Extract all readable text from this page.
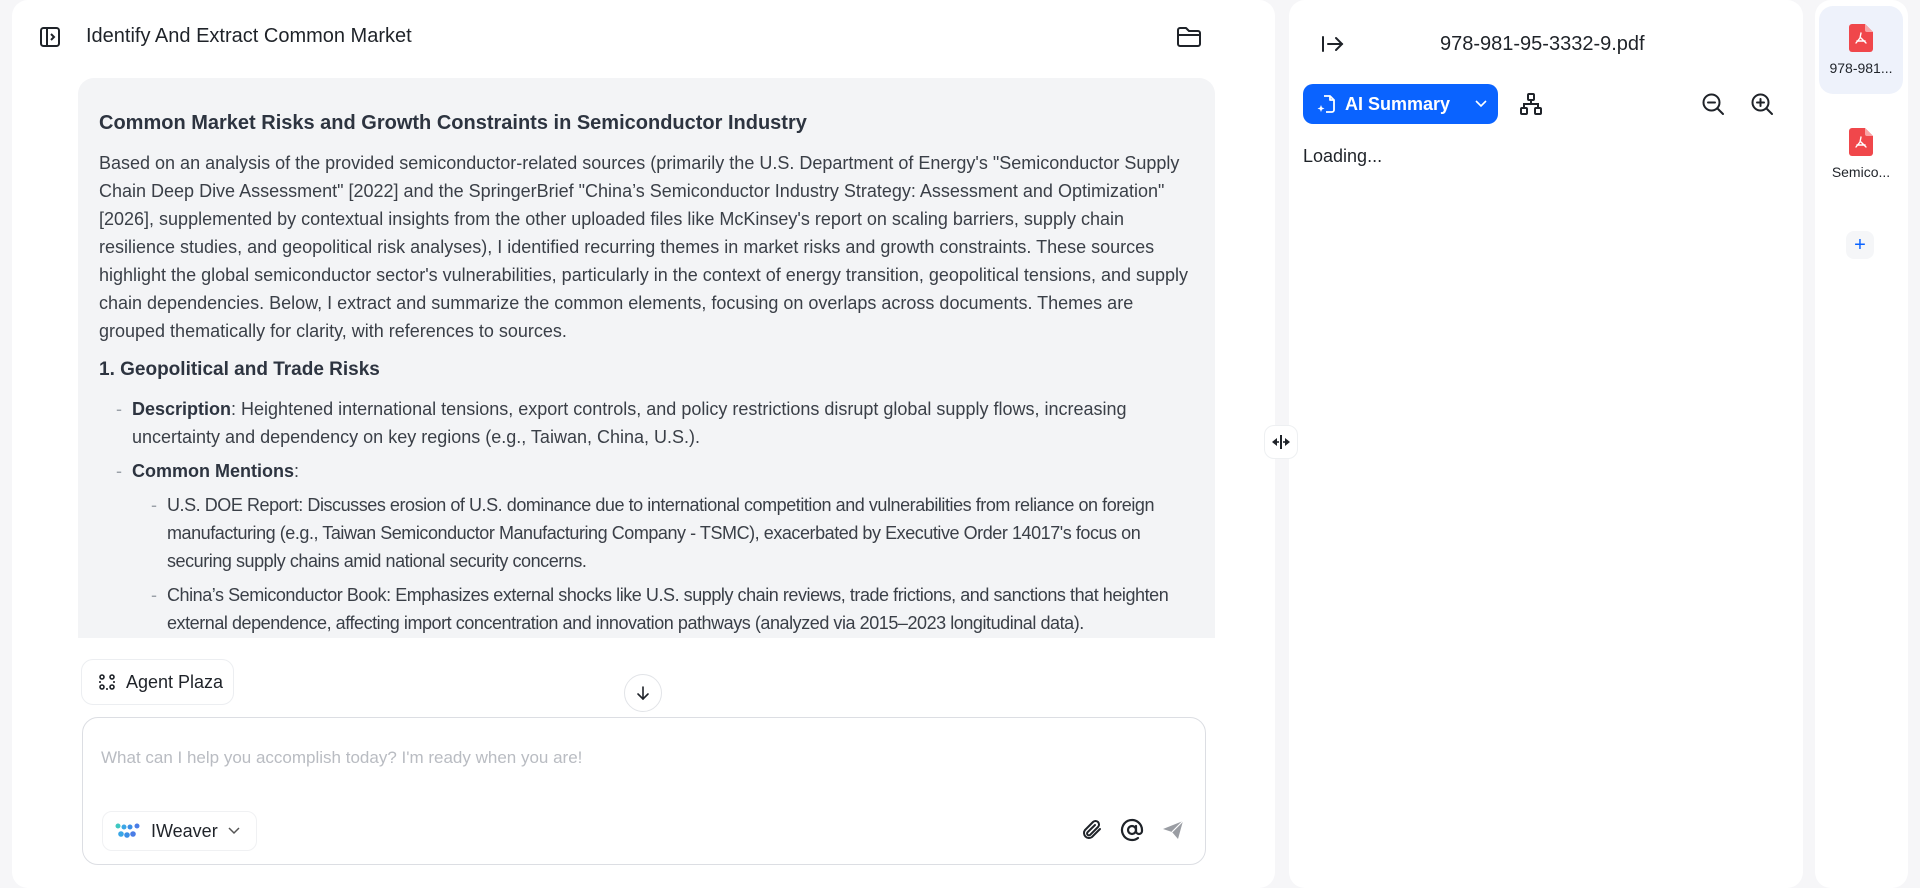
Identify And Extract Common Market
Common Market Risks and Growth Constraints in Semiconductor Industry
Based on an analysis of the provided semiconductor-related sources (primarily the U.S. Department of Energy's "Semiconductor Supply Chain Deep Dive Assessment" [2022] and the SpringerBrief "China’s Semiconductor Industry Strategy: Assessment and Optimization" [2026], supplemented by contextual insights from the other uploaded files like McKinsey's report on scaling barriers, supply chain resilience studies, and geopolitical risk analyses), I identified recurring themes in market risks and growth constraints. These sources highlight the global semiconductor sector's vulnerabilities, particularly in the context of energy transition, geopolitical tensions, and supply chain dependencies. Below, I extract and summarize the common elements, focusing on overlaps across documents. Themes are grouped thematically for clarity, with references to sources.
1. Geopolitical and Trade Risks
- Description: Heightened international tensions, export controls, and policy restrictions disrupt global supply flows, increasing uncertainty and dependency on key regions (e.g., Taiwan, China, U.S.).
- Common Mentions:
- U.S. DOE Report: Discusses erosion of U.S. dominance due to international competition and vulnerabilities from reliance on foreign manufacturing (e.g., Taiwan Semiconductor Manufacturing Company - TSMC), exacerbated by Executive Order 14017's focus on securing supply chains amid national security concerns.
- China’s Semiconductor Book: Emphasizes external shocks like U.S. supply chain reviews, trade frictions, and sanctions that heighten external dependence, affecting import concentration and innovation pathways (analyzed via 2015–2023 longitudinal data).
Agent Plaza
What can I help you accomplish today? I'm ready when you are!
IWeaver
978-981-95-3332-9.pdf
AI Summary
Loading...
978-981...
Semico...
+
